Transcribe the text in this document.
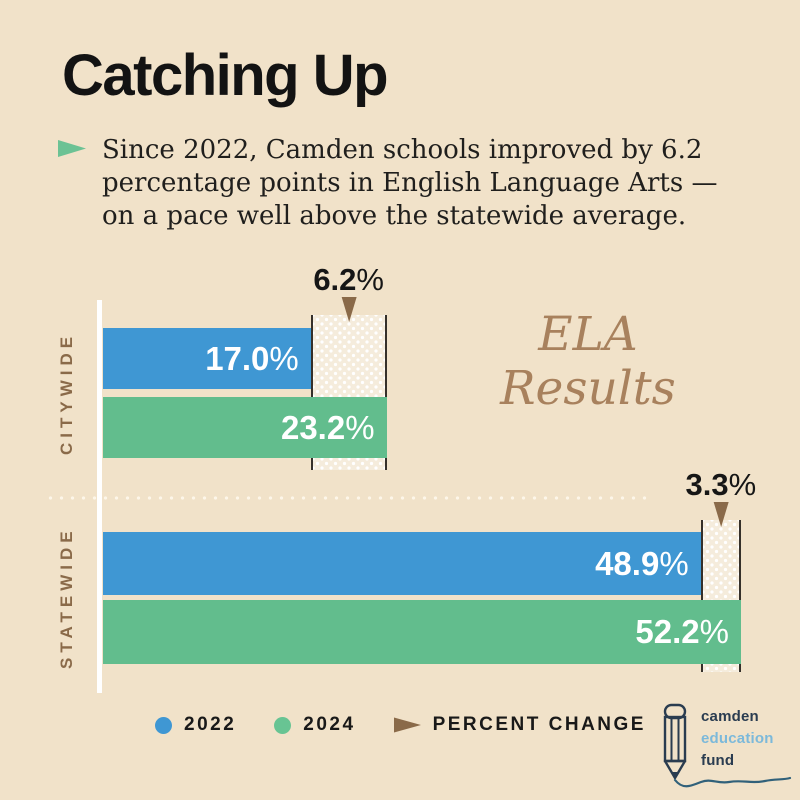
Catching Up
Since 2022, Camden schools improved by 6.2
percentage points in English Language Arts —
on a pace well above the statewide average.
CITYWIDE
STATEWIDE
17.0%
23.2%
48.9%
52.2%
6.2%
3.3%
ELA
Results
2022	2024	PERCENT CHANGE	camden
education
fund
